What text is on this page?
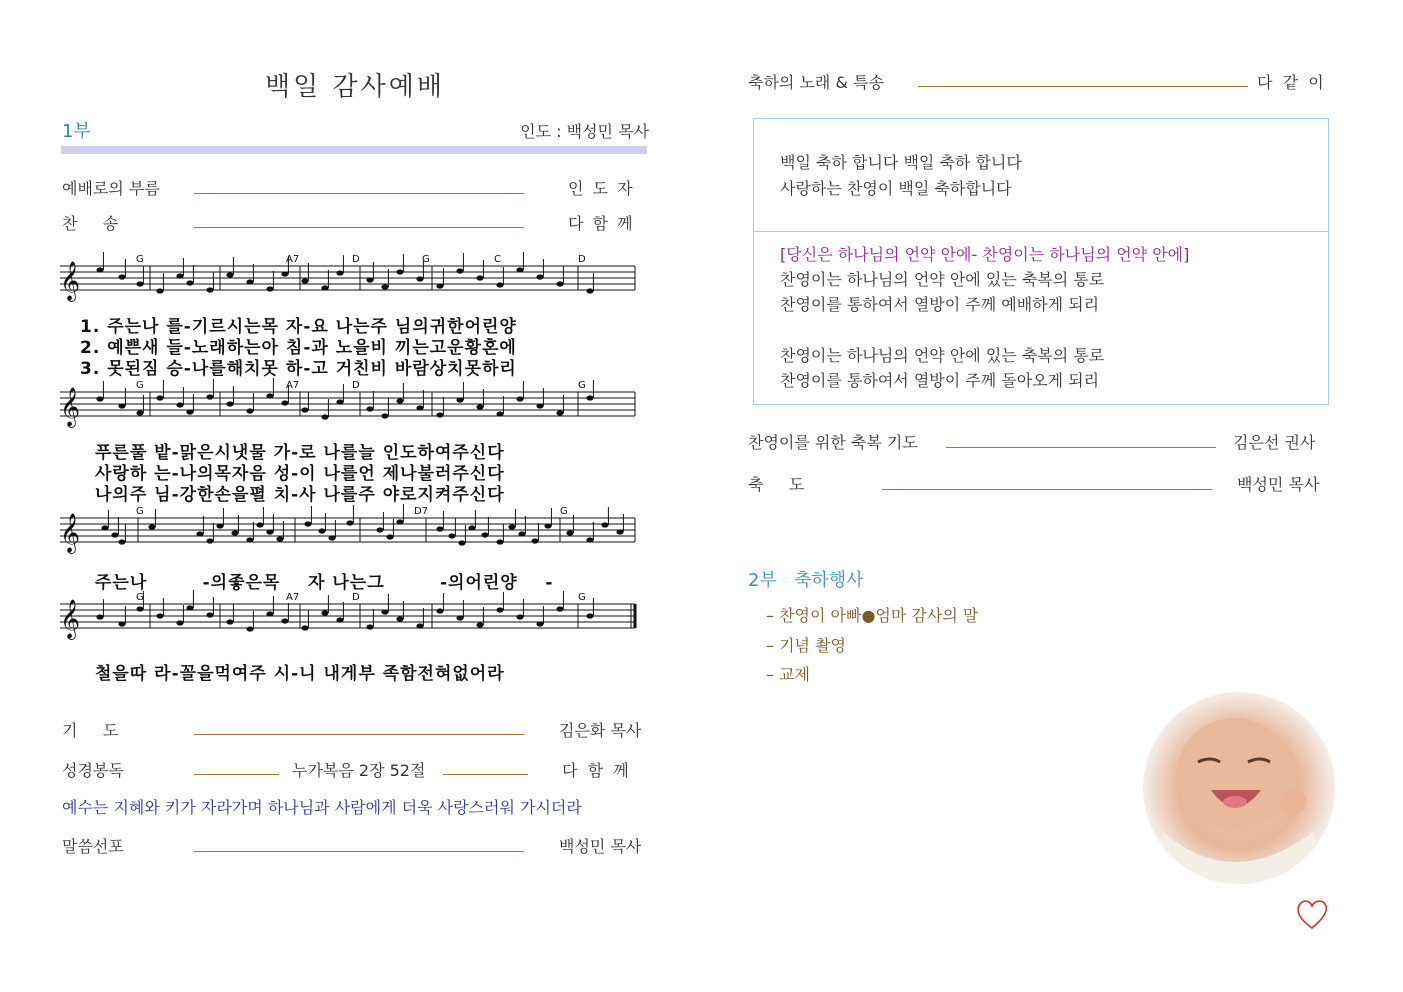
백일 감사예배
1부	인도 : 백성민 목사
예배로의 부름	인 도 자
찬     송	다 함 께
𝄞
𝄞
𝄞
𝄞
G	A7	D	G	C	D
G	A7	D	G
G	D7	G
G	A7	D	G
1. 주는나 를-기르시는목 자-요 나는주 님의귀한어린양
2. 예쁜새 들-노래하는아 침-과 노을비 끼는고운황혼에
3. 못된짐 승-나를해치못 하-고 거친비 바람상치못하리
푸른풀 밭-맑은시냇물 가-로 나를늘 인도하여주신다
사랑하 는-나의목자음 성-이 나를언 제나불러주신다
나의주 님-강한손을펼 치-사 나를주 야로지켜주신다
주는나        -의좋은목    자 나는그        -의어린양    -
철을따 라-꼴을먹여주 시-니 내게부 족함전혀없어라
기     도	김은화 목사
성경봉독	누가복음 2장 52절	다  함  께
예수는 지혜와 키가 자라가며 하나님과 사람에게 더욱 사랑스러워 가시더라
말씀선포	백성민 목사
축하의 노래 & 특송	다  같  이
백일 축하 합니다 백일 축하 합니다
사랑하는 찬영이 백일 축하합니다
[당신은 하나님의 언약 안에- 찬영이는 하나님의 언약 안에]
찬영이는 하나님의 언약 안에 있는 축복의 통로
찬영이를 통하여서 열방이 주께 예배하게 되리
찬영이는 하나님의 언약 안에 있는 축복의 통로
찬영이를 통하여서 열방이 주께 돌아오게 되리
찬영이를 위한 축복 기도	김은선 권사
축     도	백성민 목사
2부   축하행사
– 찬영이 아빠●엄마 감사의 말
– 기념 촬영
– 교제
